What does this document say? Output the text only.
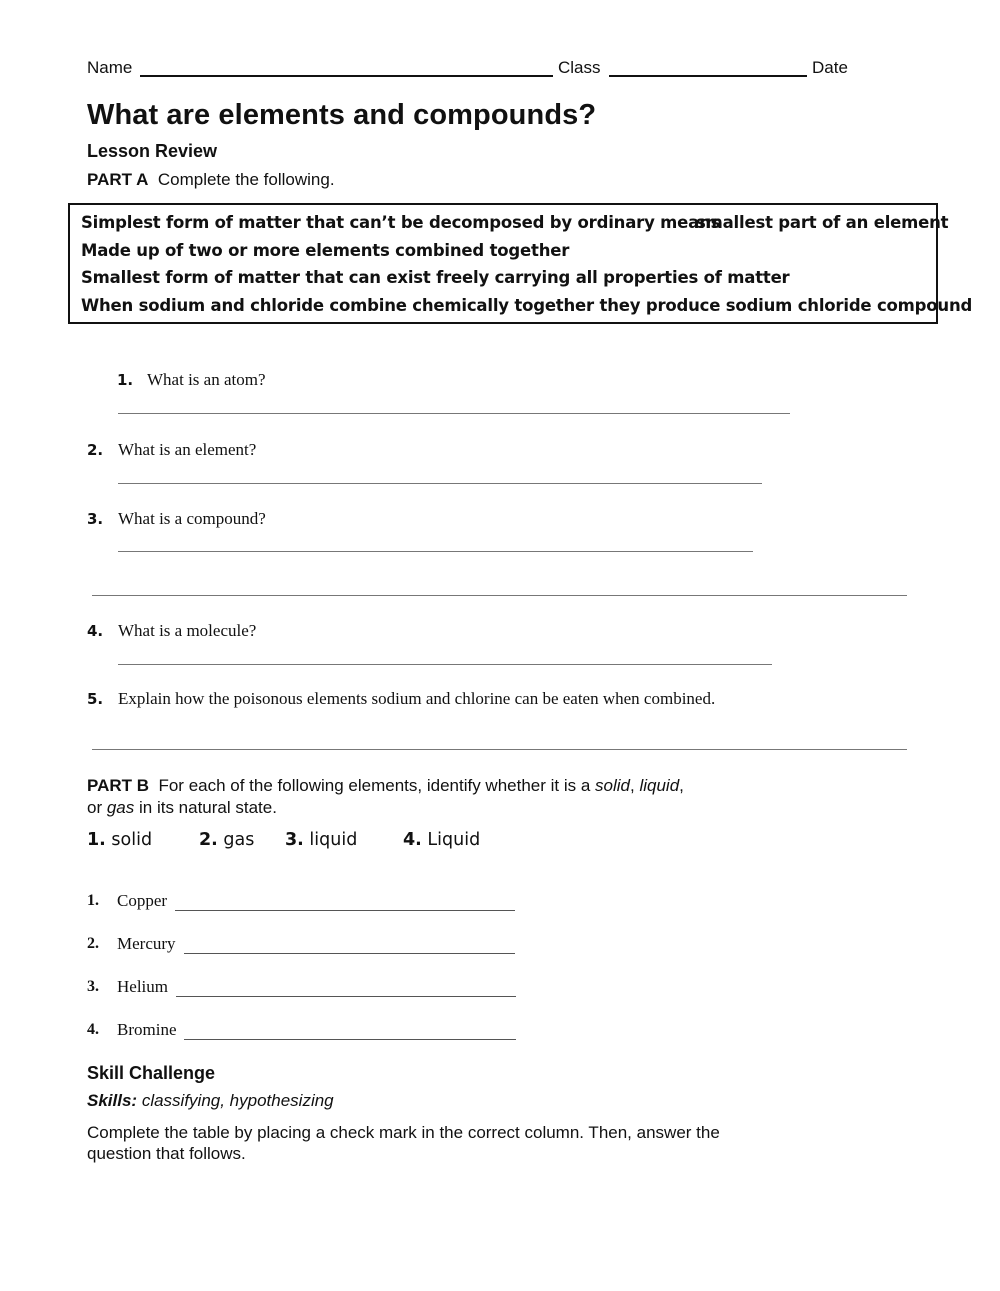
Name	Class	Date
What are elements and compounds?
Lesson Review
PART A Complete the following.
Simplest form of matter that can’t be decomposed by ordinary means
smallest part of an element
Made up of two or more elements combined together
Smallest form of matter that can exist freely carrying all properties of matter
When sodium and chloride combine chemically together they produce sodium chloride compound
1. What is an atom?
2. What is an element?
3. What is a compound?
4. What is a molecule?
5. Explain how the poisonous elements sodium and chlorine can be eaten when combined.
PART B For each of the following elements, identify whether it is a solid, liquid,
or gas in its natural state.
1. solid	2. gas 3. liquid	4. Liquid
1. Copper
2. Mercury
3. Helium
4. Bromine
Skill Challenge
Skills: classifying, hypothesizing
Complete the table by placing a check mark in the correct column. Then, answer the question that follows.
